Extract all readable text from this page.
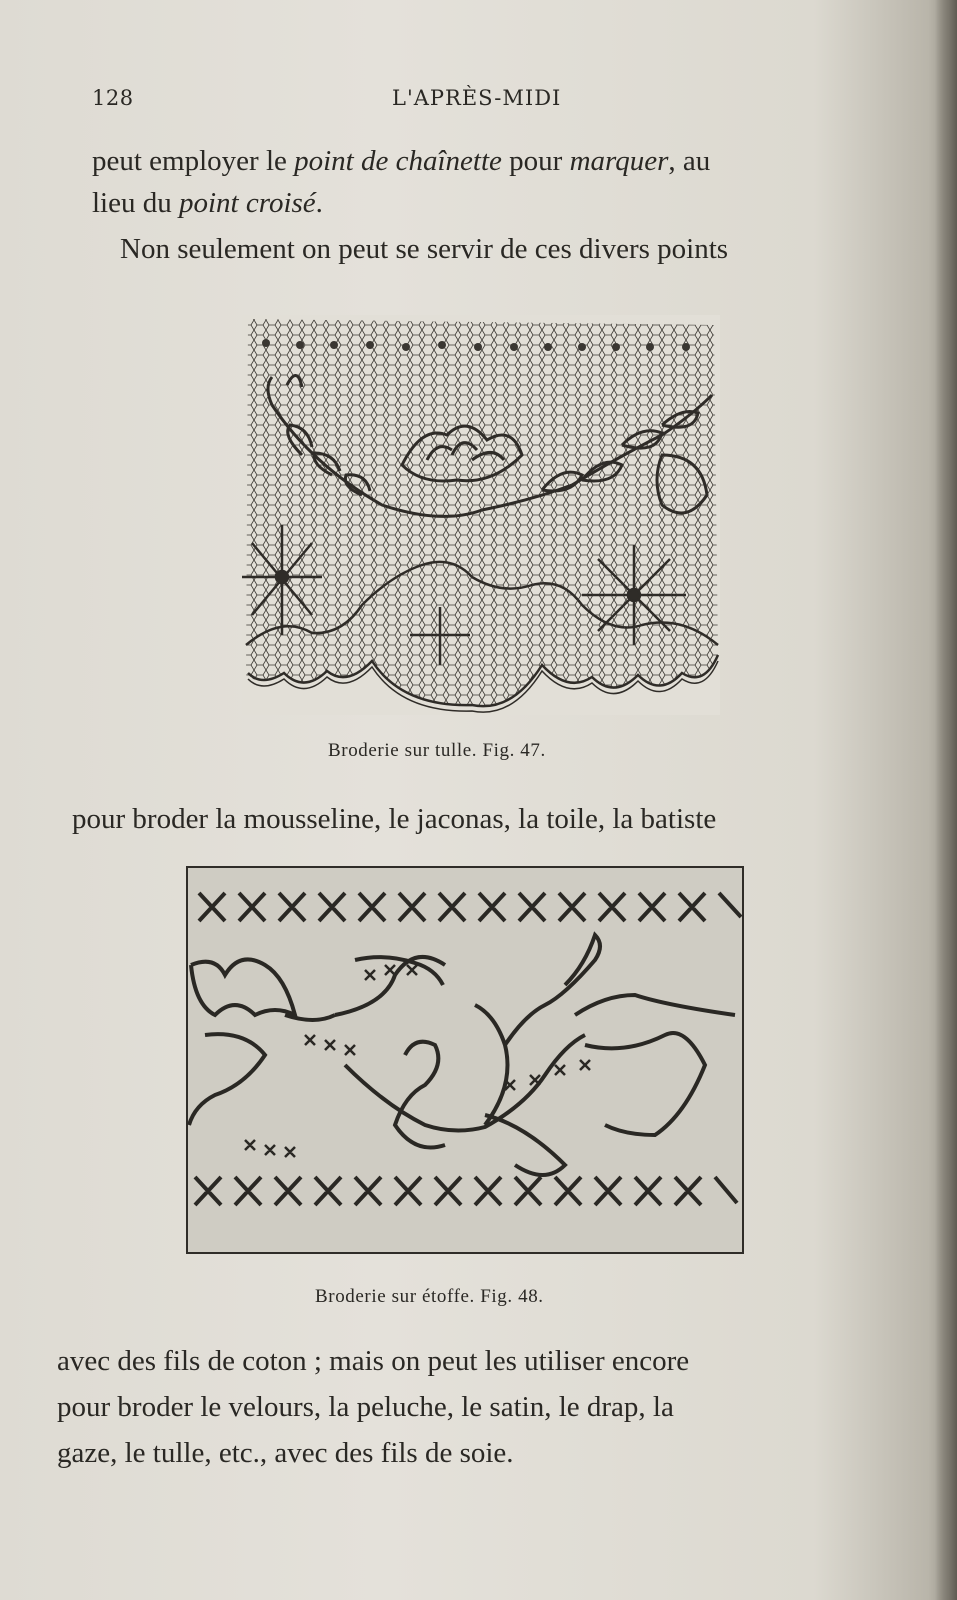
128	L'APRÈS-MIDI
peut employer le point de chaînette pour marquer, au
lieu du point croisé.
Non seulement on peut se servir de ces divers points
Broderie sur tulle. Fig. 47.
pour broder la mousseline, le jaconas, la toile, la batiste
Broderie sur étoffe. Fig. 48.
avec des fils de coton ; mais on peut les utiliser encore
pour broder le velours, la peluche, le satin, le drap, la
gaze, le tulle, etc., avec des fils de soie.
